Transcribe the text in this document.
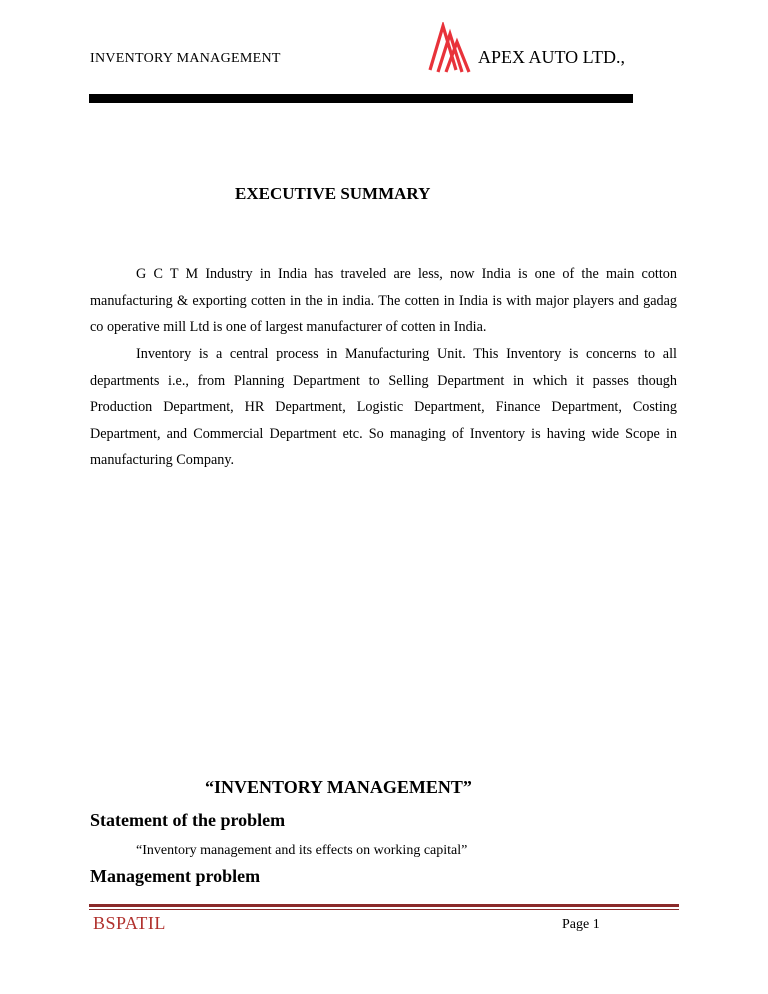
INVENTORY MANAGEMENT	APEX AUTO LTD.,
EXECUTIVE SUMMARY

G C T M Industry in India has traveled are less, now India is one of the main cotton manufacturing & exporting cotten in the in india. The cotten in India is with major players and gadag co operative mill Ltd is one of largest manufacturer of cotten in India.

Inventory is a central process in Manufacturing Unit. This Inventory is concerns to all departments i.e., from Planning Department to Selling Department in which it passes though Production Department, HR Department, Logistic Department, Finance Department, Costing Department, and Commercial Department etc. So managing of Inventory is having wide Scope in manufacturing Company.

“INVENTORY MANAGEMENT”
Statement of the problem
“Inventory management and its effects on working capital”
Management problem
BSPATIL	Page 1
